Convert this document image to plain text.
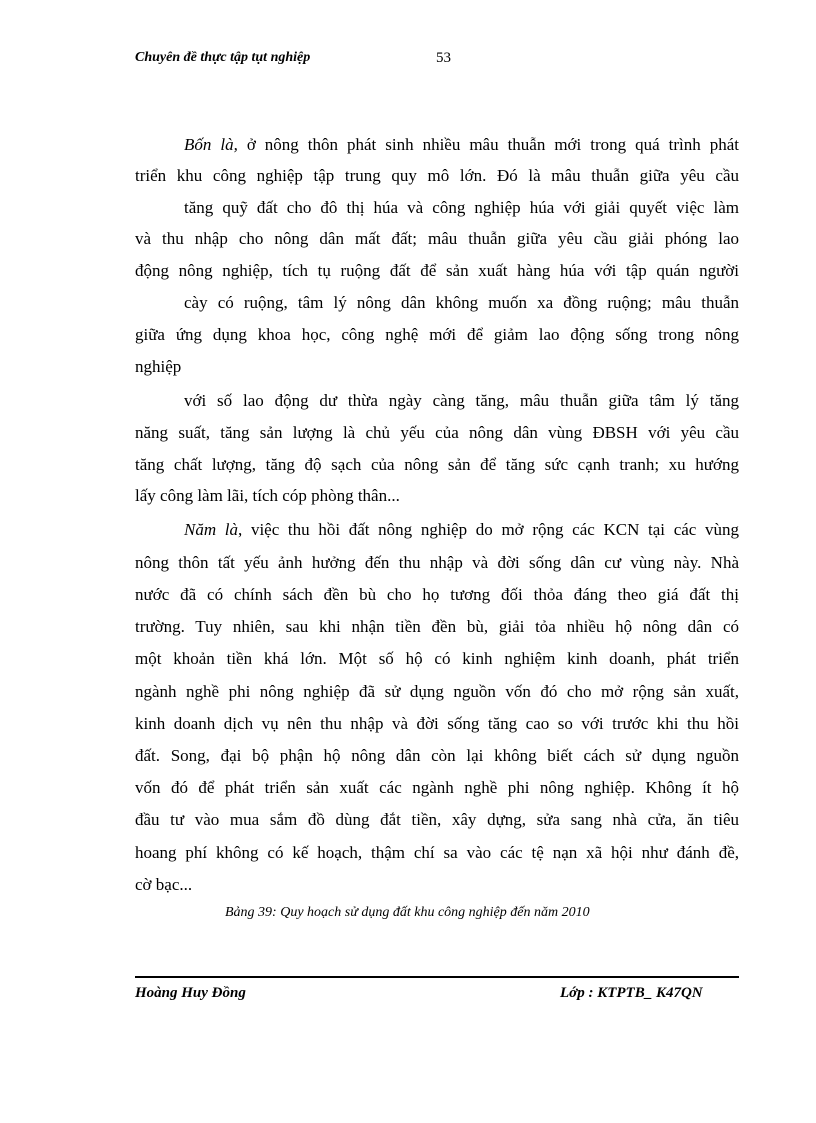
Chuyên đề thực tập tụt nghiệp	53
Bốn là, ở nông thôn phát sinh nhiều mâu thuẫn mới trong quá trình phát
triển khu công nghiệp tập trung quy mô lớn. Đó là mâu thuẫn giữa yêu cầu
tăng quỹ đất cho đô thị húa và công nghiệp húa với giải quyết việc làm
và thu nhập cho nông dân mất đất; mâu thuẫn giữa yêu cầu giải phóng lao
động nông nghiệp, tích tụ ruộng đất để sản xuất hàng húa với tập quán người
cày có ruộng, tâm lý nông dân không muốn xa đồng ruộng; mâu thuẫn
giữa ứng dụng khoa học, công nghệ mới để giảm lao động sống trong nông
nghiệp
với số lao động dư thừa ngày càng tăng, mâu thuẫn giữa tâm lý tăng
năng suất, tăng sản lượng là chủ yếu của nông dân vùng ĐBSH với yêu cầu
tăng chất lượng, tăng độ sạch của nông sản để tăng sức cạnh tranh; xu hướng
lấy công làm lãi, tích cóp phòng thân...
Năm là, việc thu hồi đất nông nghiệp do mở rộng các KCN tại các vùng
nông thôn tất yếu ảnh hưởng đến thu nhập và đời sống dân cư vùng này. Nhà
nước đã có chính sách đền bù cho họ tương đối thỏa đáng theo giá đất thị
trường. Tuy nhiên, sau khi nhận tiền đền bù, giải tỏa nhiều hộ nông dân có
một khoản tiền khá lớn. Một số hộ có kinh nghiệm kinh doanh, phát triển
ngành nghề phi nông nghiệp đã sử dụng nguồn vốn đó cho mở rộng sản xuất,
kinh doanh dịch vụ nên thu nhập và đời sống tăng cao so với trước khi thu hồi
đất. Song, đại bộ phận hộ nông dân còn lại không biết cách sử dụng nguồn
vốn đó để phát triển sản xuất các ngành nghề phi nông nghiệp. Không ít hộ
đầu tư vào mua sắm đồ dùng đắt tiền, xây dựng, sửa sang nhà cửa, ăn tiêu
hoang phí không có kế hoạch, thậm chí sa vào các tệ nạn xã hội như đánh đề,
cờ bạc...
Bảng 39: Quy hoạch sử dụng đất khu công nghiệp đến năm 2010
Hoàng Huy Đồng	Lớp : KTPTB_ K47QN
